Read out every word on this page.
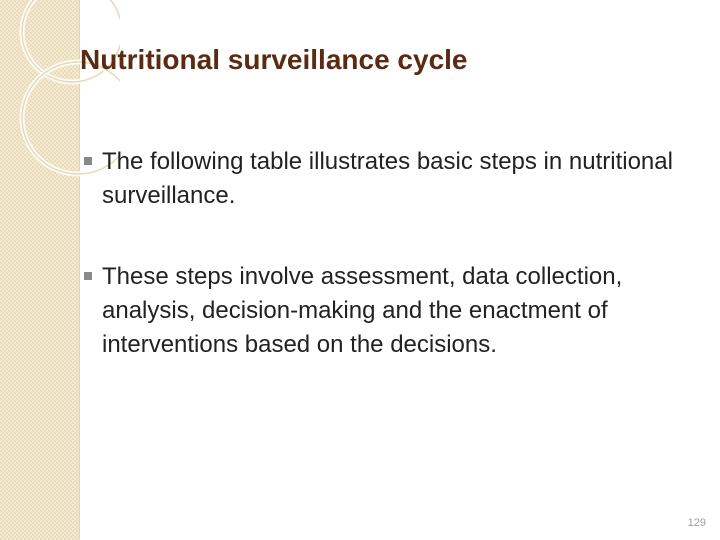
Nutritional surveillance cycle
The following table illustrates basic steps in nutritional surveillance.
These steps involve assessment, data collection, analysis, decision-making and the enactment of interventions based on the decisions.
129
